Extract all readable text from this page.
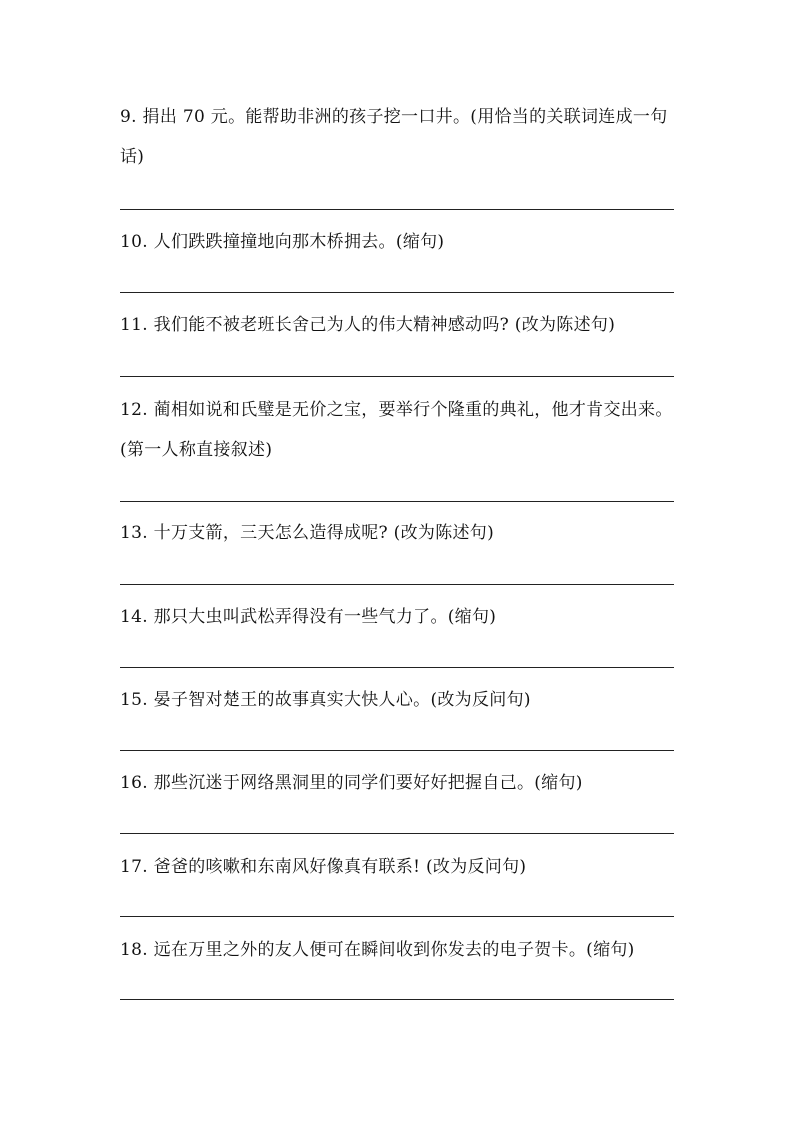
9. 捐出 70 元。能帮助非洲的孩子挖一口井。(用恰当的关联词连成一句话)
10. 人们跌跌撞撞地向那木桥拥去。(缩句)
11. 我们能不被老班长舍己为人的伟大精神感动吗? (改为陈述句)
12. 蔺相如说和氏璧是无价之宝，要举行个隆重的典礼，他才肯交出来。(第一人称直接叙述)
13. 十万支箭，三天怎么造得成呢? (改为陈述句)
14. 那只大虫叫武松弄得没有一些气力了。(缩句)
15. 晏子智对楚王的故事真实大快人心。(改为反问句)
16. 那些沉迷于网络黑洞里的同学们要好好把握自己。(缩句)
17. 爸爸的咳嗽和东南风好像真有联系! (改为反问句)
18. 远在万里之外的友人便可在瞬间收到你发去的电子贺卡。(缩句)
